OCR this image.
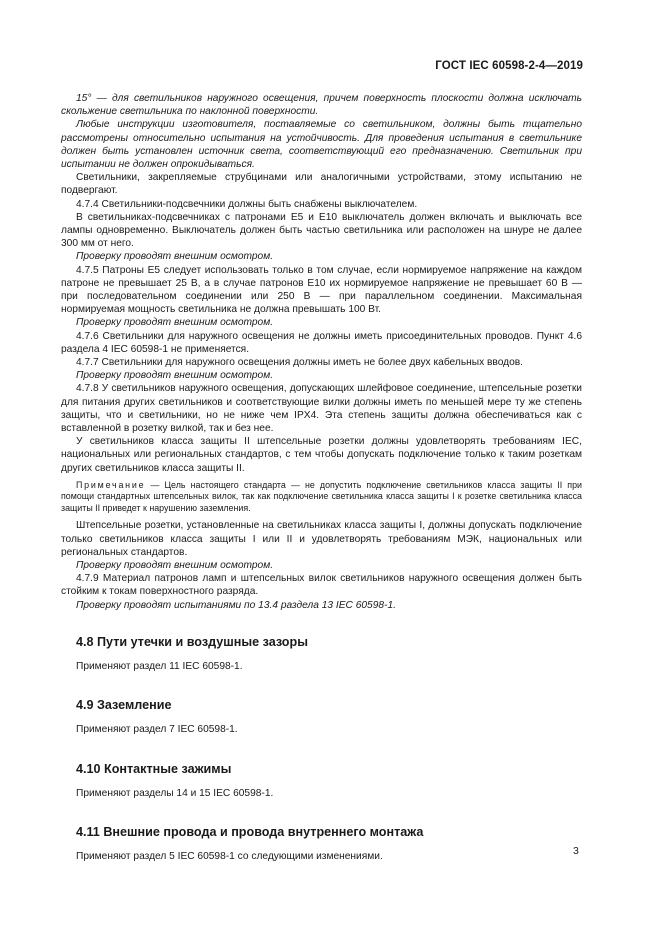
ГОСТ IEC 60598-2-4—2019

15° — для светильников наружного освещения, причем поверхность плоскости должна исключать скольжение светильника по наклонной поверхности.

Любые инструкции изготовителя, поставляемые со светильником, должны быть тщательно рассмотрены относительно испытания на устойчивость. Для проведения испытания в светильнике должен быть установлен источник света, соответствующий его предназначению. Светильник при испытании не должен опрокидываться.

Светильники, закрепляемые струбцинами или аналогичными устройствами, этому испытанию не подвергают.

4.7.4 Светильники-подсвечники должны быть снабжены выключателем.

В светильниках-подсвечниках с патронами E5 и E10 выключатель должен включать и выключать все лампы одновременно. Выключатель должен быть частью светильника или расположен на шнуре не далее 300 мм от него.

Проверку проводят внешним осмотром.

4.7.5 Патроны E5 следует использовать только в том случае, если нормируемое напряжение на каждом патроне не превышает 25 В, а в случае патронов E10 их нормируемое напряжение не превышает 60 В — при последовательном соединении или 250 В — при параллельном соединении. Максимальная нормируемая мощность светильника не должна превышать 100 Вт.

Проверку проводят внешним осмотром.

4.7.6 Светильники для наружного освещения не должны иметь присоединительных проводов. Пункт 4.6 раздела 4 IEC 60598-1 не применяется.

4.7.7 Светильники для наружного освещения должны иметь не более двух кабельных вводов.

Проверку проводят внешним осмотром.

4.7.8 У светильников наружного освещения, допускающих шлейфовое соединение, штепсельные розетки для питания других светильников и соответствующие вилки должны иметь по меньшей мере ту же степень защиты, что и светильники, но не ниже чем IPX4. Эта степень защиты должна обеспечиваться как с вставленной в розетку вилкой, так и без нее.

У светильников класса защиты II штепсельные розетки должны удовлетворять требованиям IEC, национальных или региональных стандартов, с тем чтобы допускать подключение только к таким розеткам других светильников класса защиты II.

Примечание — Цель настоящего стандарта — не допустить подключение светильников класса защиты II при помощи стандартных штепсельных вилок, так как подключение светильника класса защиты I к розетке светильника класса защиты II приведет к нарушению заземления.

Штепсельные розетки, установленные на светильниках класса защиты I, должны допускать подключение только светильников класса защиты I или II и удовлетворять требованиям МЭК, национальных или региональных стандартов.

Проверку проводят внешним осмотром.

4.7.9 Материал патронов ламп и штепсельных вилок светильников наружного освещения должен быть стойким к токам поверхностного разряда.

Проверку проводят испытаниями по 13.4 раздела 13 IEC 60598-1.

4.8 Пути утечки и воздушные зазоры
Применяют раздел 11 IEC 60598-1.
4.9 Заземление
Применяют раздел 7 IEC 60598-1.
4.10 Контактные зажимы
Применяют разделы 14 и 15 IEC 60598-1.
4.11 Внешние провода и провода внутреннего монтажа
Применяют раздел 5 IEC 60598-1 со следующими изменениями.	3
